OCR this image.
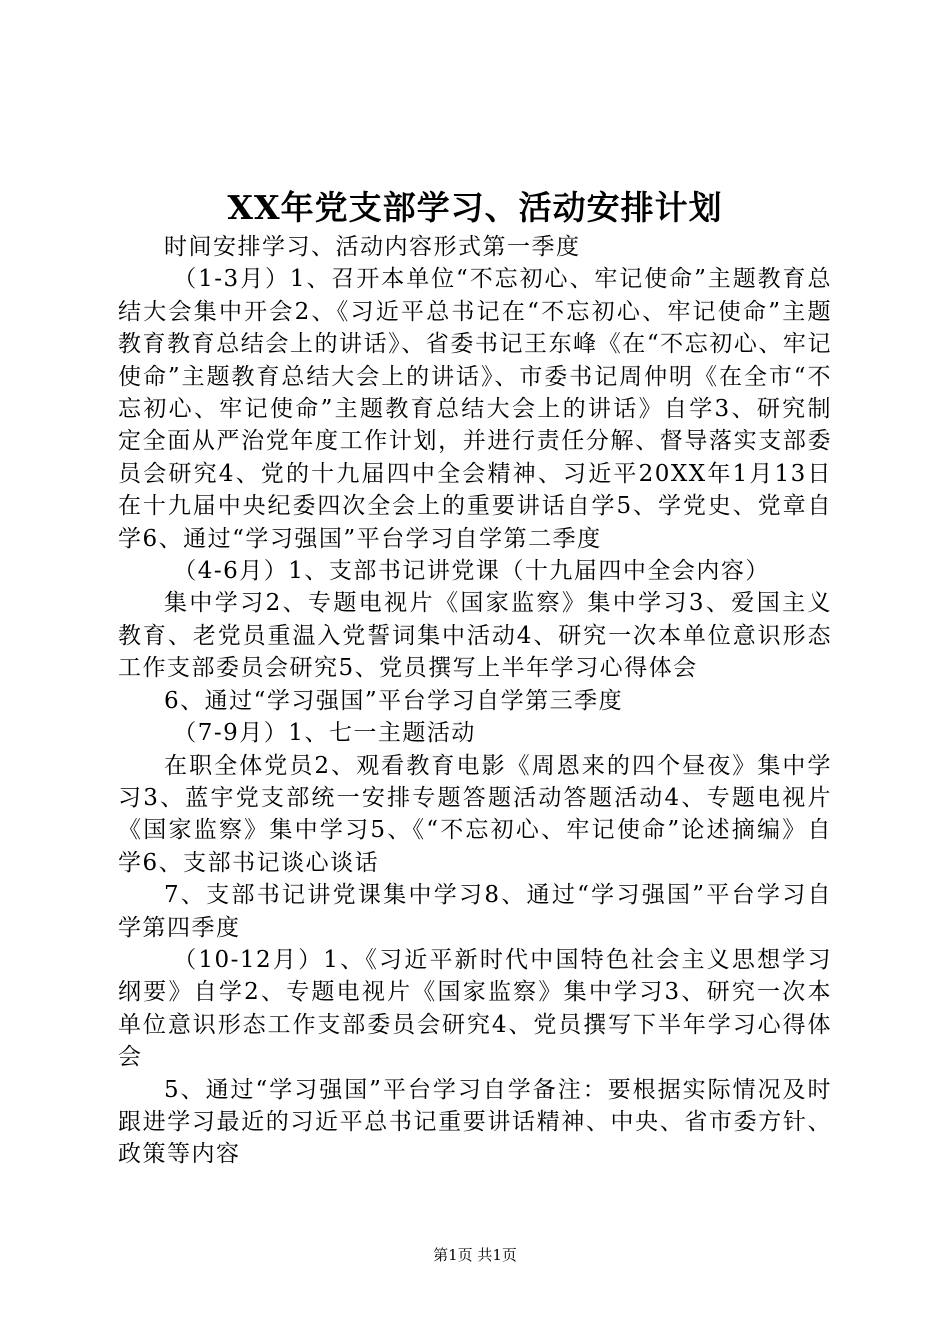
XX年党支部学习、活动安排计划

时间安排学习、活动内容形式第一季度

（1-3月）1、召开本单位“不忘初心、牢记使命”主题教育总结大会集中开会2、《习近平总书记在“不忘初心、牢记使命”主题教育教育总结会上的讲话》、省委书记王东峰《在“不忘初心、牢记使命”主题教育总结大会上的讲话》、市委书记周仲明《在全市“不忘初心、牢记使命”主题教育总结大会上的讲话》自学3、研究制定全面从严治党年度工作计划，并进行责任分解、督导落实支部委员会研究4、党的十九届四中全会精神、习近平20XX年1月13日在十九届中央纪委四次全会上的重要讲话自学5、学党史、党章自学6、通过“学习强国”平台学习自学第二季度

（4-6月）1、支部书记讲党课（十九届四中全会内容）

集中学习2、专题电视片《国家监察》集中学习3、爱国主义教育、老党员重温入党誓词集中活动4、研究一次本单位意识形态工作支部委员会研究5、党员撰写上半年学习心得体会

6、通过“学习强国”平台学习自学第三季度

（7-9月）1、七一主题活动

在职全体党员2、观看教育电影《周恩来的四个昼夜》集中学习3、蓝宇党支部统一安排专题答题活动答题活动4、专题电视片《国家监察》集中学习5、《“不忘初心、牢记使命”论述摘编》自学6、支部书记谈心谈话

7、支部书记讲党课集中学习8、通过“学习强国”平台学习自学第四季度

（10-12月）1、《习近平新时代中国特色社会主义思想学习纲要》自学2、专题电视片《国家监察》集中学习3、研究一次本单位意识形态工作支部委员会研究4、党员撰写下半年学习心得体会

5、通过“学习强国”平台学习自学备注：要根据实际情况及时跟进学习最近的习近平总书记重要讲话精神、中央、省市委方针、政策等内容

第1页 共1页
